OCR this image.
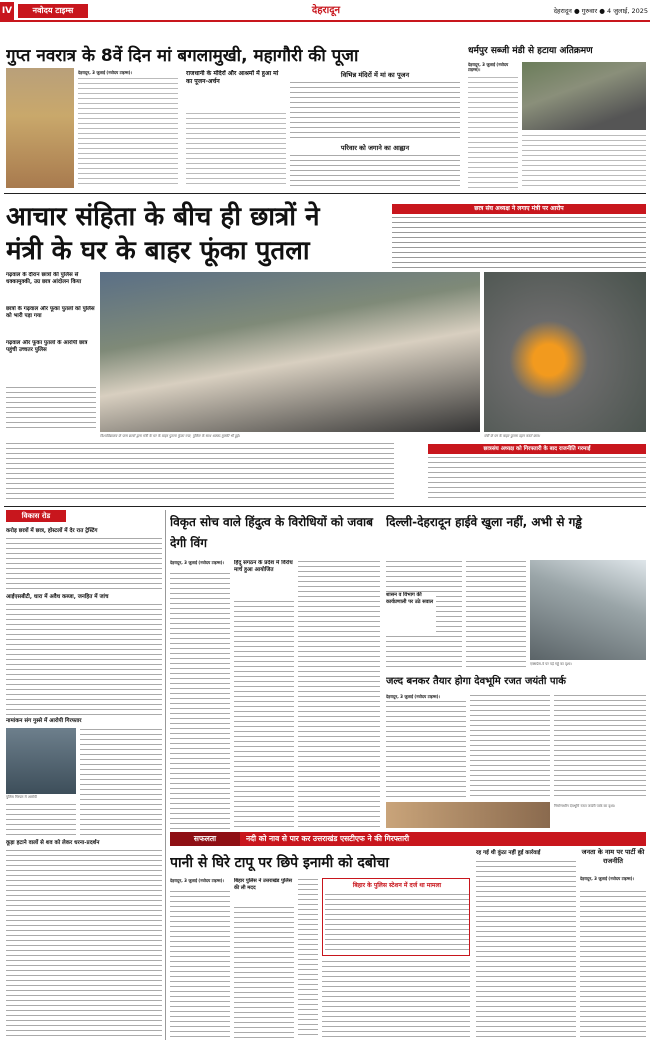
IV	नवोदय टाइम्स	देहरादून	देहरादून ● गुरुवार ● 4 जुलाई, 2025
गुप्त नवरात्र के 8वें दिन मां बगलामुखी, महागौरी की पूजा
देहरादून, 3 जुलाई (नवोदय टाइम्स)।	राजधानी के मंदिरों और आश्रमों में हुआ मां का पूजन-अर्चन
विभिन्न मंदिरों में मां का पूजन
परिवार को जगाने का आह्वान
धर्मपुर सब्जी मंडी से हटाया अतिक्रमण
देहरादून, 3 जुलाई (नवोदय टाइम्स)।
आचार संहिता के बीच ही छात्रों ने
मंत्री के घर के बाहर फूंका पुतला
छात्र संघ अध्यक्ष ने लगाए मंत्री पर आरोप
गढ़वाल के दौरान छात्रों की पुलिस से धक्कामुक्की, उग्र छात्र आंदोलन किया
छात्रों के गढ़वाल और फूंका पुतलों को पुलिस को भारी पड़ा गया
गढ़वाल और फूंका पुतलों के आरोपी छात्र पहुंची उच्चतर पुलिस
विश्वविद्यालय के पास छात्रों द्वारा मंत्री के घर के बाहर पुतला फूंका गया, पुलिस के साथ धक्का-मुक्की भी हुई।	मंत्री के घर के बाहर पुतला दहन करते छात्र।
छात्रसंघ अध्यक्ष को गिरफ्तारी के बाद राजनीति गरमाई
विकास रोड
करोड़ छात्रों में छात्र, होस्टलों में देर रात ट्रेस्टिंग
आईएसबीटी, धारा में अवैध कब्जा, जनहित में जांच
नामांकन संग गुस्से में आरोपी गिरफ्तार
पुलिस गिरफ्त में आरोपी
कूड़ा हटाने वालों से शव को लेकर धरना-प्रदर्शन
विकृत सोच वाले हिंदुत्व के विरोधियों को जवाब देगी विंग
देहरादून, 3 जुलाई (नवोदय टाइम्स)।	हिंदू संगठन के प्रदेश में विरोध मार्च हुआ आयोजित
दिल्ली-देहरादून हाईवे खुला नहीं, अभी से गड्ढे
शासन व विभाग की कार्यप्रणाली पर उठे सवाल
एक्सप्रेस-वे पर पड़े गड्ढे का दृश्य।
जल्द बनकर तैयार होगा देवभूमि रजत जयंती पार्क
देहरादून, 3 जुलाई (नवोदय टाइम्स)।
निर्माणाधीन देवभूमि रजत जयंती पार्क का दृश्य।
सफलता	नदी को नाव से पार कर उत्तराखंड एसटीएफ ने की गिरफ्तारी
पानी से घिरे टापू पर छिपे इनामी को दबोचा
देहरादून, 3 जुलाई (नवोदय टाइम्स)।	बिहार पुलिस ने उत्तराखंड पुलिस की ली मदद	बिहार के पुलिस स्टेशन में दर्ज था मामला
रह गई थी कुंठा नहीं हुई कार्रवाई	जनता के नाम पर पार्टी की राजनीति
देहरादून, 3 जुलाई (नवोदय टाइम्स)।
